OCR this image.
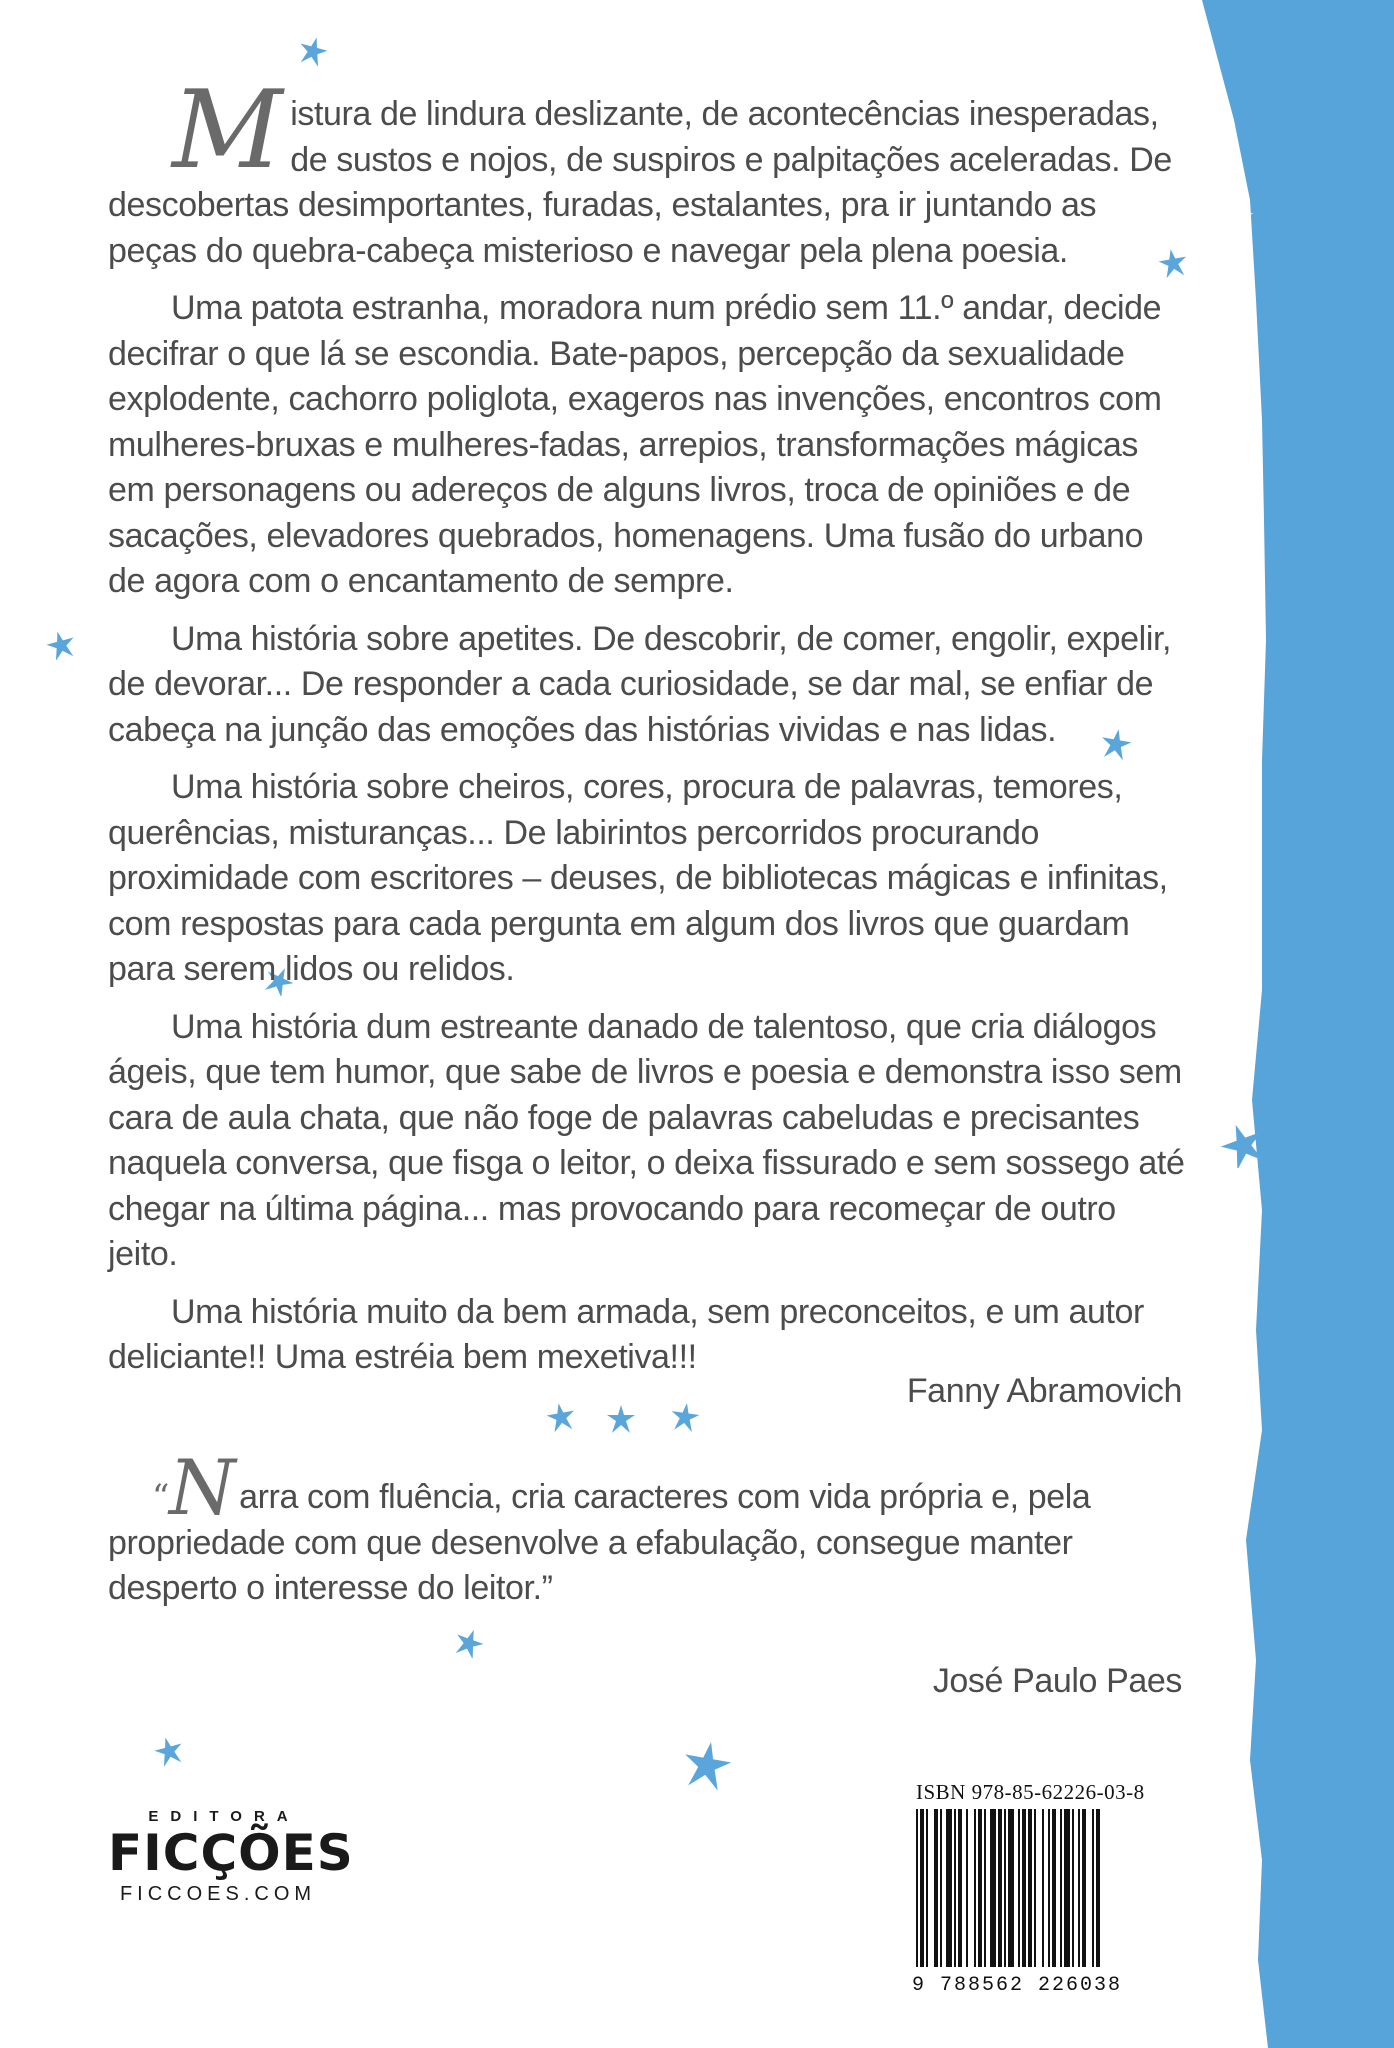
Mistura de lindura deslizante, de acontecências inesperadas, de sustos e nojos, de suspiros e palpitações aceleradas. De descobertas desimportantes, furadas, estalantes, pra ir juntando as peças do quebra-cabeça misterioso e navegar pela plena poesia.

Uma patota estranha, moradora num prédio sem 11.º andar, decide decifrar o que lá se escondia. Bate-papos, percepção da sexualidade explodente, cachorro poliglota, exageros nas invenções, encontros com mulheres-bruxas e mulheres-fadas, arrepios, transformações mágicas em personagens ou adereços de alguns livros, troca de opiniões e de sacações, elevadores quebrados, homenagens. Uma fusão do urbano de agora com o encantamento de sempre.

Uma história sobre apetites. De descobrir, de comer, engolir, expelir, de devorar... De responder a cada curiosidade, se dar mal, se enfiar de cabeça na junção das emoções das histórias vividas e nas lidas.

Uma história sobre cheiros, cores, procura de palavras, temores, querências, misturanças... De labirintos percorridos procurando proximidade com escritores – deuses, de bibliotecas mágicas e infinitas, com respostas para cada pergunta em algum dos livros que guardam para serem lidos ou relidos.

Uma história dum estreante danado de talentoso, que cria diálogos ágeis, que tem humor, que sabe de livros e poesia e demonstra isso sem cara de aula chata, que não foge de palavras cabeludas e precisantes naquela conversa, que fisga o leitor, o deixa fissurado e sem sossego até chegar na última página... mas provocando para recomeçar de outro jeito.

Uma história muito da bem armada, sem preconceitos, e um autor deliciante!! Uma estréia bem mexetiva!!!

Fanny Abramovich
“N arra com fluência, cria caracteres com vida própria e, pela propriedade com que desenvolve a efabulação, consegue manter desperto o interesse do leitor.”
José Paulo Paes
EDITORA
FICÇÕES
FICCOES.COM
ISBN 978-85-62226-03-8
9 788562 226038
